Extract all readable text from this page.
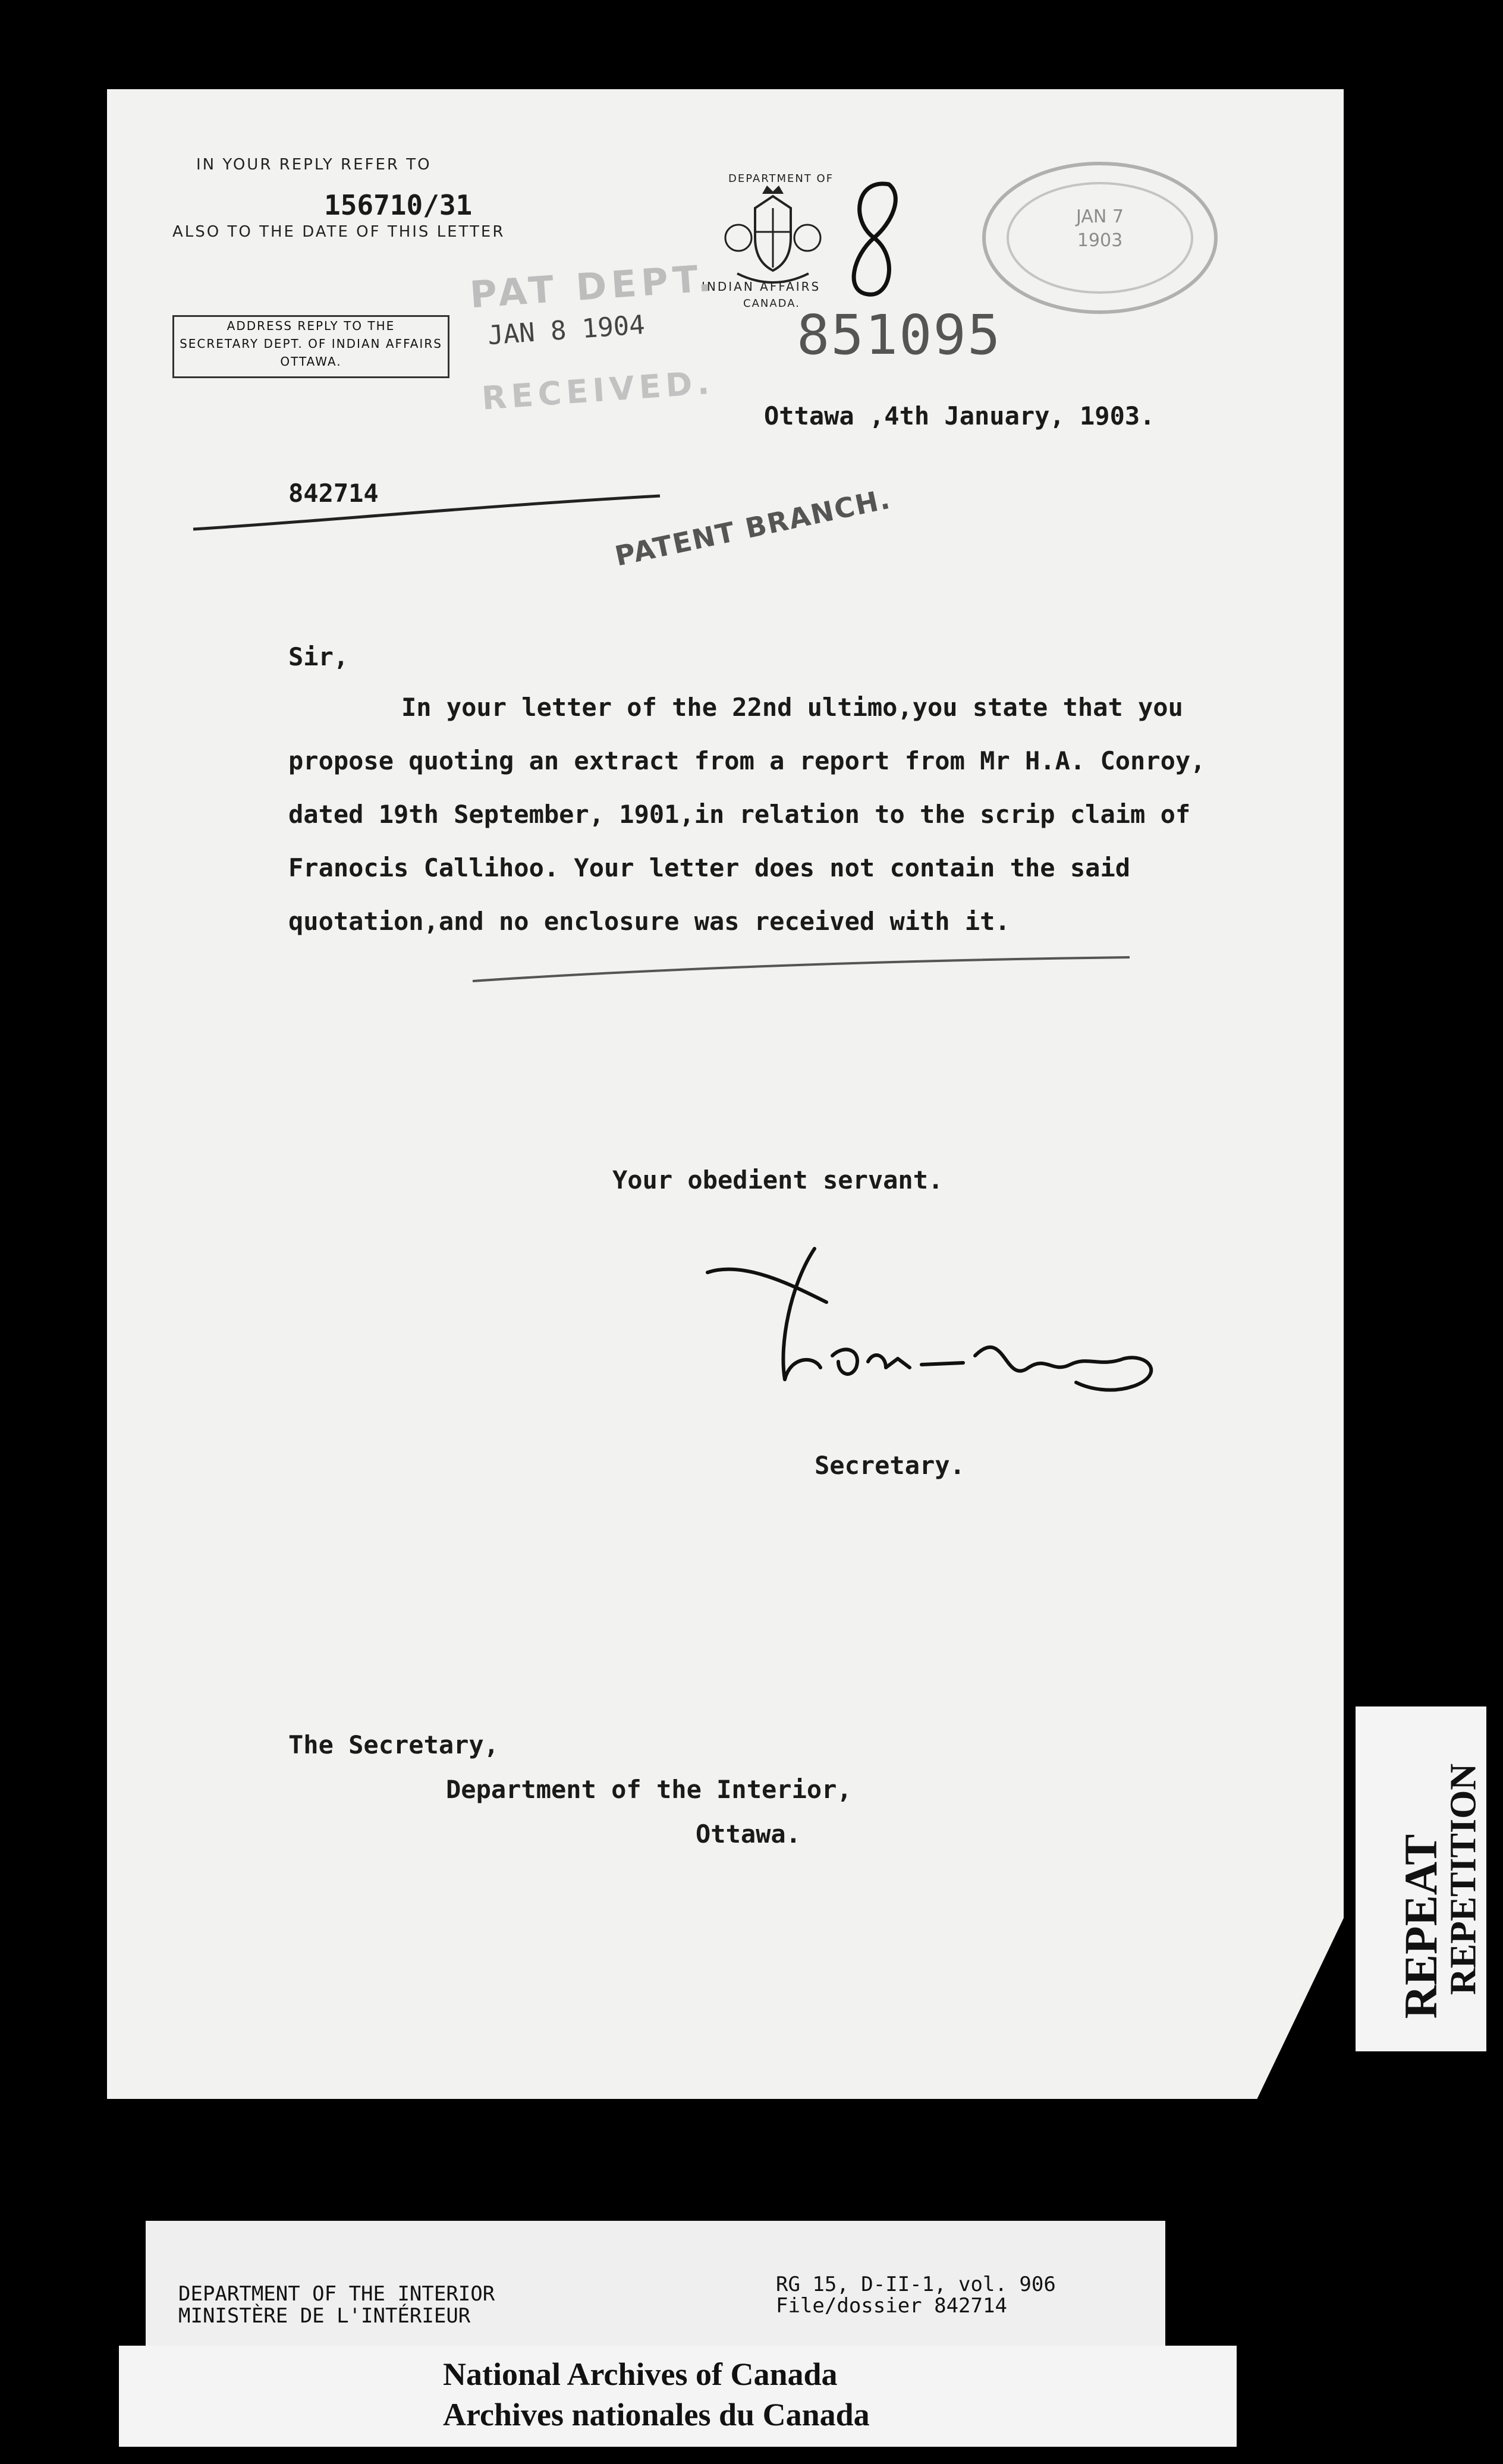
IN YOUR REPLY REFER TO
156710/31
ALSO TO THE DATE OF THIS LETTER
ADDRESS REPLY TO THE
SECRETARY DEPT. OF INDIAN AFFAIRS
OTTAWA.
DEPARTMENT OF
INDIAN AFFAIRS
CANADA.
851095
PAT DEPT.
JAN 8 1904
RECEIVED.
JAN 7 1903
Ottawa ,4th January, 1903.
842714	PATENT BRANCH.
Sir,
In your letter of the 22nd ultimo,you state that you
propose quoting an extract from a report from Mr H.A. Conroy,
dated 19th September, 1901,in relation to the scrip claim of
Franocis Callihoo. Your letter does not contain the said
quotation,and no enclosure was received with it.
Your obedient servant.
Secretary.
The Secretary,
Department of the Interior,
Ottawa.
REPEAT
REPETITION
DEPARTMENT OF THE INTERIOR
MINISTÈRE DE L'INTÉRIEUR
RG 15, D-II-1, vol. 906
File/dossier 842714
National Archives of Canada
Archives nationales du Canada
